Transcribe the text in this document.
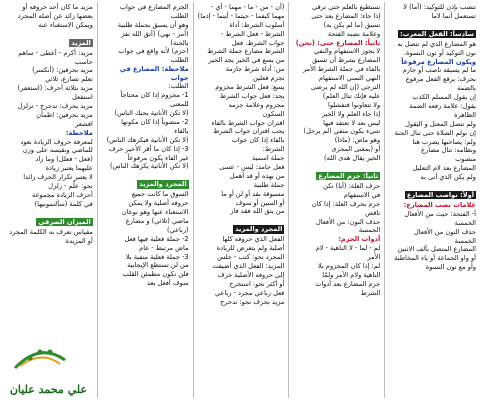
تنصب بإذن للتوكيد: (أما) لا
تستعمل أنما لاما
سادساً: الفعل المعرب:
هو المضارع الذي لم تتصل به
نون التوكيد أو نون النسوة.
ويكون المضارع مرفوعاً
ما لم يسبقه ناصب أو جازم
بحرف: يرفع الفعل مرفوع
بالضمة
إن يقول المسلم الكذب
يقول: علامة رفعه الضمة
الظاهرة
ولم تتصل المعتل و اليقول
إن تولم الصلاة حتى تنال الجنة
ولم: يصاحبها يضرب هنا
ونظامه: تنال مضارع
منصوب
المضارع بعد لام التعليل
ولم يكن الذي أتى به
أولاً: نواصب المضارع
علامات نصب المضارع:
أ- الفتحة: حيث من الأفعال
الخمسة
حذف النون من الأفعال
الخمسة
المضارع المتصل بألف الاثنين
أو واو الجماعة أو ياء المخاطبة
وأو مع نون النسوة
تستطيع بالعلم حتى ترقى
إذا جاء: المضارع بعد حتى
تسبق (ما لم يكن به)
وعلامة نصبه الفتحة
ثانياً: المضارع حتى: (نحن)
لا يجوز الاستفهام والنفي
المضارع بشرط أن تسبق
بالفاء في جملة الشرط الأمر
النهي التمني الاستفهام
الترجي (إن الله لم يرضى
عليه فإنك تنال العلم)
ولا تتعاونوا فتفشلوا
إذا جاء العلم ولا الخير
ليس بعد لا تعتقد فيها
شيء يكون منفي (لم يرحل)
وهو ماض: (ماذا)
أو (بمعنى المجرى
الخير يقال هدى الله)
ثانياً: جزم المضارع
حرف العلة: (أيا) تكن
في الاستفهام
جزم بحرف العلة: إذا كان
ناقص
حذف النون: من الأفعال
الخمسة
أدوات الجزم:
لم - لما - لا الناهية - لام
الأمر
لم: إذا كان المجزوم بلا
الناهية ولام الأمر ولمّا
جزم المضارع بعد أدوات
الشرط
(أن - من - ما - مهما - أي -
مهما كيفما - حيثما - أينما - إذما)
أسلوب الشرط: أداة
الشرط - فعل الشرط -
جواب الشرط. فعل
الشرط مضارع جملة الشرط
من يسع في الخير يجد الخير
من: أداة شرط جازمة
تجزم فعلين
يسع: فعل الشرط مجزوم
يجد: فعل جواب الشرط
مجزوم وعلامة جزمه
السكون
اقتران جواب الشرط بالفاء
يجب اقتران جواب الشرط
بالفاء إذا كان جواب
الشرط:
جملة اسمية
فعل جامد: ليس - عسى
من يهذه أو قد أهمل
جملة طلبية
مسبوقة بقد أو لن أو ما
أو السين أو سوف
من يتق الله فقد فاز
المجرد والمزيد
الفعل الذي حروفه كلها
أصلية ولم يتعرض للزيادة
المجرد نحو: كتب - جلس
المزيد: الفعل الذي أضيفت
إلى حروفه الأصلية حرف
أو أكثر نحو: استخرج
فعل رباعي مجرد - رباعي
مزيد بحرف نحو: تدحرج
الجزم المضارع في جواب
الطلب
وهو أن يسبق بجملة طلبية
(أمر - نهي) (أتق الله تفز
بالجنة)
(جزم) لأنه واقع في جواب
الطلب
ملاحظة: المضارع في جواب
الطلب:
1- مجزوم إذا كان محتاجاً
للمعنى
(لا تكن الأنانية بحبك الناس)
2- منصوباً إذا كان مكونها
بالفاء
(لا تكن الأنانية فيكرهك الناس)
3- إذا كان ما أقر الأخير حرف
غير الفاء يكون مرفوعاً
(لا تكن الأنانية يكرهك الناس)
المجرد والمزيد
السوق ما كانت جميع
حروفه أصلية ولا يمكن
الاستغناء عنها وهو نوعان
ماضي (ثلاثي) و مضارع
(رباعي)
2- جملة فعلية فيها فعل
ماض مرتبط - عام
3- جملة فعلية منفية بلا
من لن تستطع الإيجابية
فلن تكون مطمئن القلب
سوف أفعل بعد
مزيد ما كان أحد حروفه أو
بعضها زائد عن أصله المجرد
ويمكن الاستغناء عنه
المزيد
مزيد: أكرم - أعطى - ساهم
حاسب
مزيد بحرفين: (أنكسر)
تعلم تصارع، ثلاثي
مزيد بثلاثة أحرف: (استغفر)
استفعل
مزيد بحرف: تدحرج - تزلزل
مزيد بحرفين: اطمأن
اقشعر
ملاحظة:
لمعرفة حروف الزيادة نعود
للماضي ونقيسه على وزن
(فعل - فعلل) وما زاد
عليهما يعتبر زيادة
لا يعتبر تكرار الحرف زائدا
نحو: علّم - زلزل
أحرف الزيادة مجموعة
في كلمة (سألتمونيها)
الميزان الصرفي
مقياس نعرف به الكلمة المجرد
أو المزيدة
علي محمد عليان
